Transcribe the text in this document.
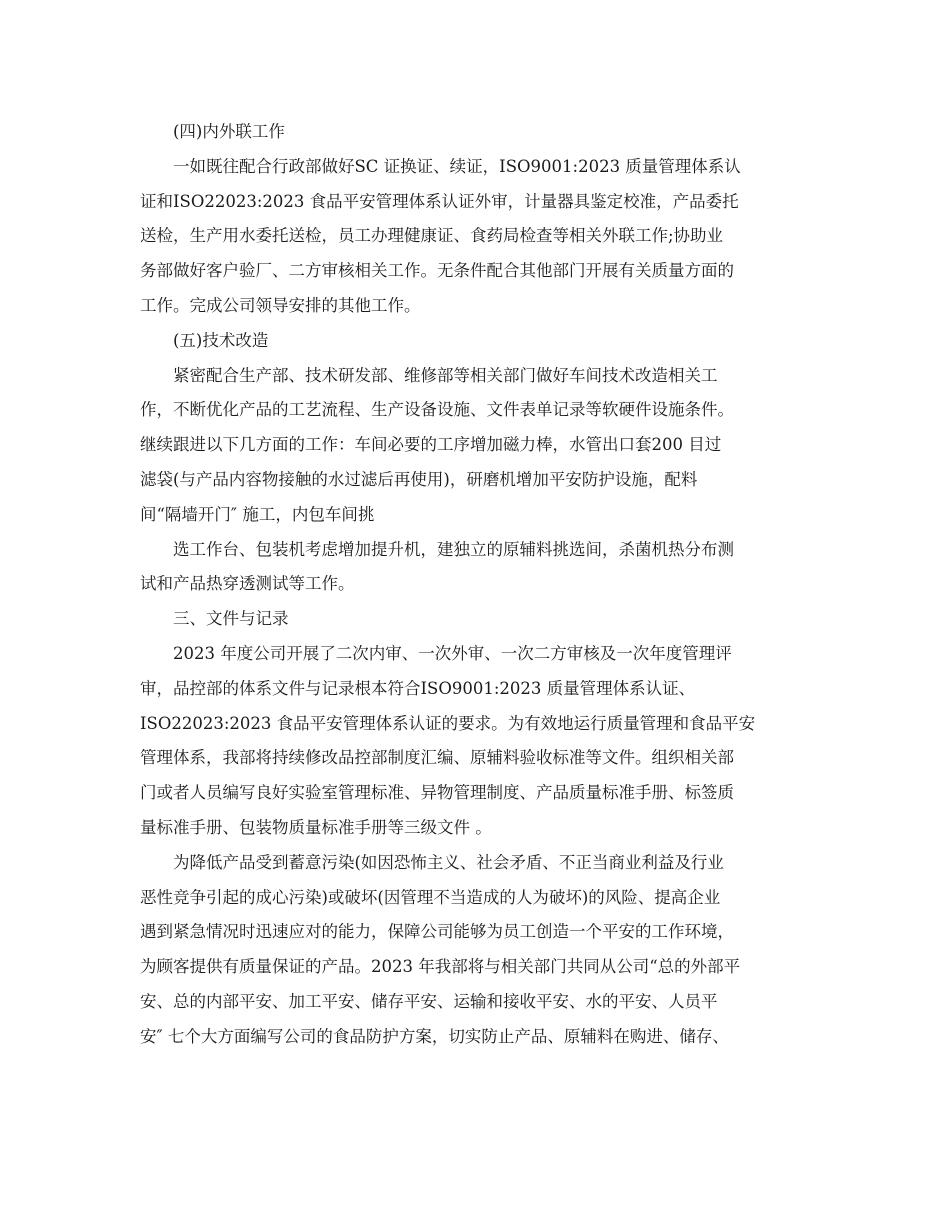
(四)内外联工作

一如既往配合行政部做好SC 证换证、续证，ISO9001:2023 质量管理体系认

证和ISO22023:2023 食品平安管理体系认证外审，计量器具鉴定校准，产品委托

送检，生产用水委托送检，员工办理健康证、食药局检查等相关外联工作;协助业

务部做好客户验厂、二方审核相关工作。无条件配合其他部门开展有关质量方面的

工作。完成公司领导安排的其他工作。

(五)技术改造

紧密配合生产部、技术研发部、维修部等相关部门做好车间技术改造相关工

作，不断优化产品的工艺流程、生产设备设施、文件表单记录等软硬件设施条件。

继续跟进以下几方面的工作：车间必要的工序增加磁力棒，水管出口套200 目过

滤袋(与产品内容物接触的水过滤后再使用)，研磨机增加平安防护设施，配料

间“隔墙开门″ 施工，内包车间挑

选工作台、包装机考虑增加提升机，建独立的原辅料挑选间，杀菌机热分布测

试和产品热穿透测试等工作。

三、文件与记录

2023 年度公司开展了二次内审、一次外审、一次二方审核及一次年度管理评

审，品控部的体系文件与记录根本符合ISO9001:2023 质量管理体系认证、

ISO22023:2023 食品平安管理体系认证的要求。为有效地运行质量管理和食品平安

管理体系，我部将持续修改品控部制度汇编、原辅料验收标准等文件。组织相关部

门或者人员编写良好实验室管理标准、异物管理制度、产品质量标准手册、标签质

量标准手册、包装物质量标准手册等三级文件 。

为降低产品受到蓄意污染(如因恐怖主义、社会矛盾、不正当商业利益及行业

恶性竞争引起的成心污染)或破坏(因管理不当造成的人为破坏)的风险、提高企业

遇到紧急情况时迅速应对的能力，保障公司能够为员工创造一个平安的工作环境，

为顾客提供有质量保证的产品。2023 年我部将与相关部门共同从公司“总的外部平

安、总的内部平安、加工平安、储存平安、运输和接收平安、水的平安、人员平

安″ 七个大方面编写公司的食品防护方案，切实防止产品、原辅料在购进、储存、
